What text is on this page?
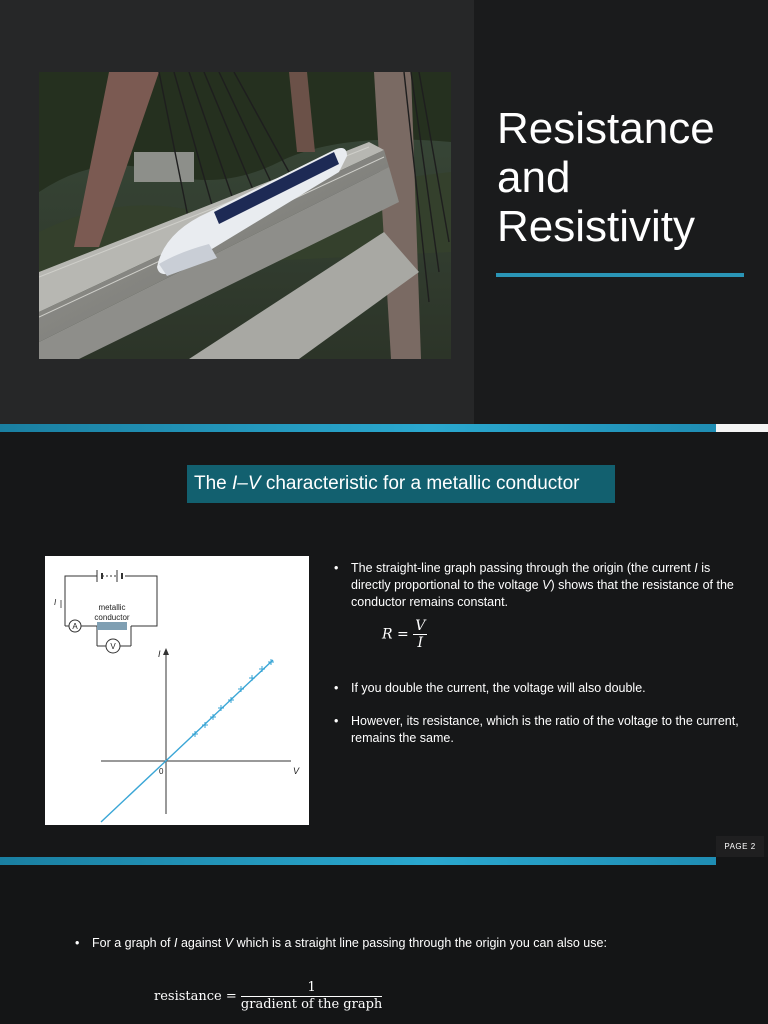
Resistance
and
Resistivity
The I–V characteristic for a metallic conductor
A
V
I
metallic
conductor
I
V
0
• The straight-line graph passing through the origin (the current I is directly proportional to the voltage V) shows that the resistance of the conductor remains constant.
$R = \frac{V}{I}$
• If you double the current, the voltage will also double.
• However, its resistance, which is the ratio of the voltage to the current, remains the same.
PAGE 2
• For a graph of I against V which is a straight line passing through the origin you can also use:
resistance = $\frac{1}{\text{gradient of the graph}}$
